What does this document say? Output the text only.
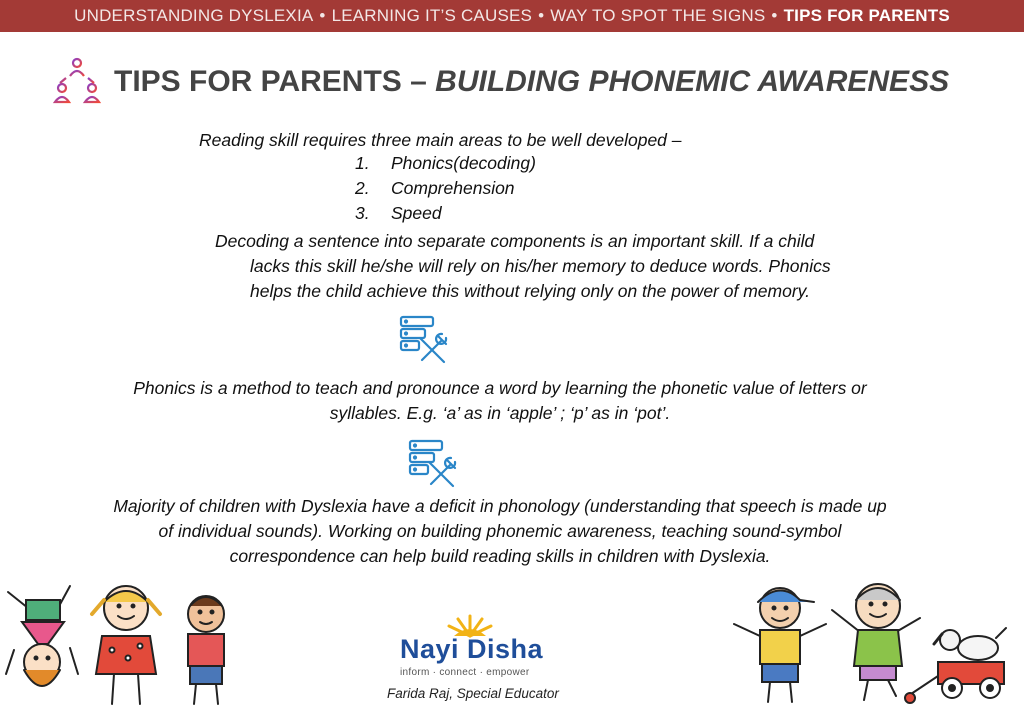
UNDERSTANDING DYSLEXIA • LEARNING IT’S CAUSES • WAY TO SPOT THE SIGNS • TIPS FOR PARENTS
TIPS FOR PARENTS – BUILDING PHONEMIC AWARENESS
Reading skill requires three main areas to be well developed –
1. Phonics(decoding)
2. Comprehension
3. Speed
Decoding a sentence into separate components is an important skill. If a child
lacks this skill he/she will rely on his/her memory to deduce words. Phonics
helps the child achieve this without relying only on the power of memory.
Phonics is a method to teach and pronounce a word by learning the phonetic value of letters or
syllables. E.g. ‘a’ as in ‘apple’ ; ‘p’ as in ‘pot’.
Majority of children with Dyslexia have a deficit in phonology (understanding that speech is made up
of individual sounds). Working on building phonemic awareness, teaching sound-symbol
correspondence can help build reading skills in children with Dyslexia.
Nayi Disha
inform · connect · empower
Farida Raj, Special Educator
